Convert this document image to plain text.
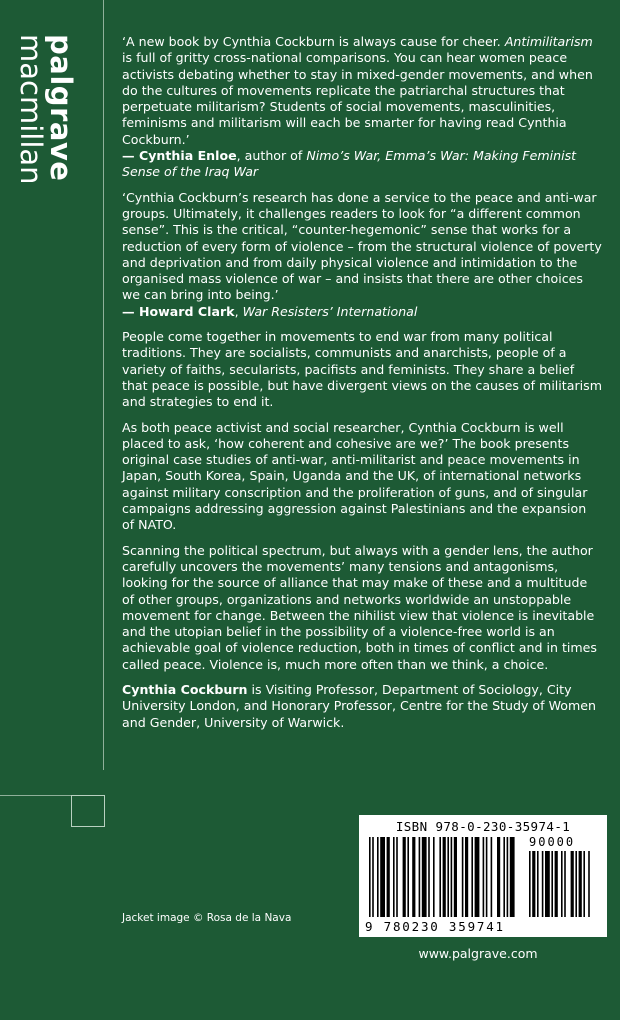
palgrave
macmillan	‘A new book by Cynthia Cockburn is always cause for cheer. Antimilitarism is full of gritty cross-national comparisons. You can hear women peace activists debating whether to stay in mixed-gender movements, and when do the cultures of movements replicate the patriarchal structures that perpetuate militarism? Students of social movements, masculinities, feminisms and militarism will each be smarter for having read Cynthia Cockburn.’

— Cynthia Enloe, author of Nimo’s War, Emma’s War: Making Feminist Sense of the Iraq War

‘Cynthia Cockburn’s research has done a service to the peace and anti-war groups. Ultimately, it challenges readers to look for “a different common sense”. This is the critical, “counter-hegemonic” sense that works for a reduction of every form of violence – from the structural violence of poverty and deprivation and from daily physical violence and intimidation to the organised mass violence of war – and insists that there are other choices we can bring into being.’

— Howard Clark, War Resisters’ International

People come together in movements to end war from many political traditions. They are socialists, communists and anarchists, people of a variety of faiths, secularists, pacifists and feminists. They share a belief that peace is possible, but have divergent views on the causes of militarism and strategies to end it.

As both peace activist and social researcher, Cynthia Cockburn is well placed to ask, ‘how coherent and cohesive are we?’ The book presents original case studies of anti-war, anti-militarist and peace movements in Japan, South Korea, Spain, Uganda and the UK, of international networks against military conscription and the proliferation of guns, and of singular campaigns addressing aggression against Palestinians and the expansion of NATO.

Scanning the political spectrum, but always with a gender lens, the author carefully uncovers the movements’ many tensions and antagonisms, looking for the source of alliance that may make of these and a multitude of other groups, organizations and networks worldwide an unstoppable movement for change. Between the nihilist view that violence is inevitable and the utopian belief in the possibility of a violence-free world is an achievable goal of violence reduction, both in times of conflict and in times called peace. Violence is, much more often than we think, a choice.

Cynthia Cockburn is Visiting Professor, Department of Sociology, City University London, and Honorary Professor, Centre for the Study of Women and Gender, University of Warwick.

ISBN 978-0-230-35974-1
90000
9 780230 359741
Jacket image © Rosa de la Nava
www.palgrave.com
